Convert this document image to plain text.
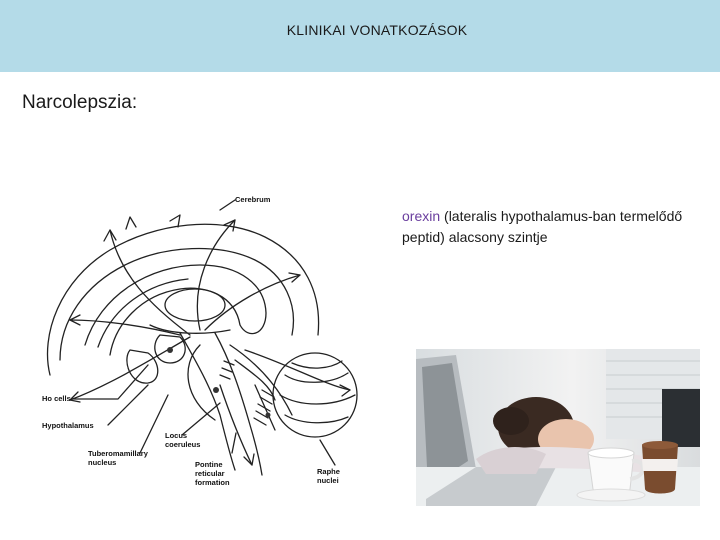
KLINIKAI VONATKOZÁSOK
Narcolepszia:
Cerebrum
Ho cells
Hypothalamus
Tuberomamillary nucleus
Locus coeruleus
Pontine reticular formation
Raphe nuclei
orexin (lateralis hypothalamus-ban termelődő peptid) alacsony szintje
